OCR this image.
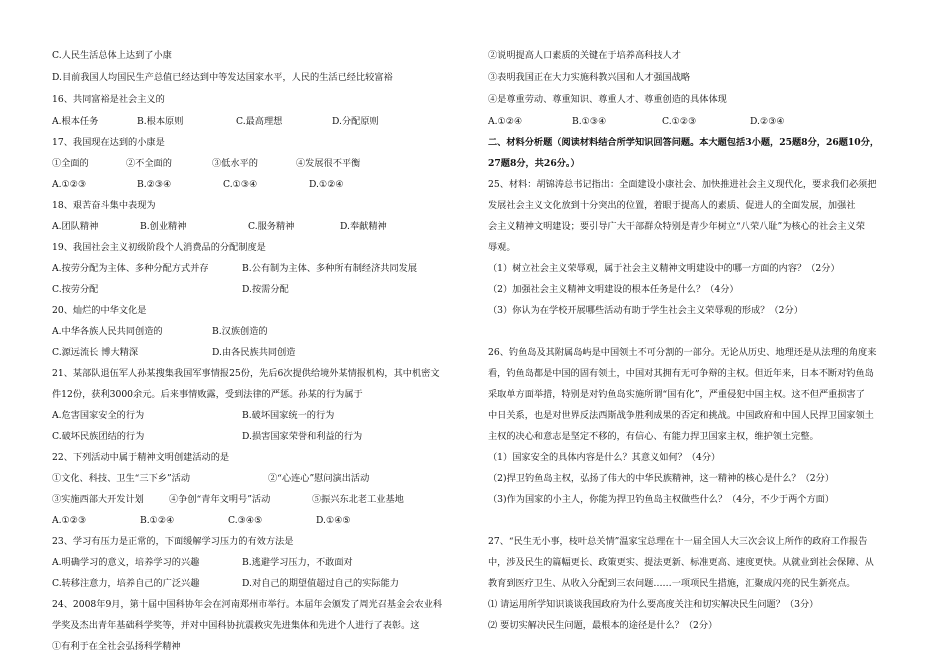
C.人民生活总体上达到了小康
D.目前我国人均国民生产总值已经达到中等发达国家水平，人民的生活已经比较富裕
16、共同富裕是社会主义的
A.根本任务	B.根本原则	C.最高理想	D.分配原则
17、我国现在达到的小康是
①全面的	②不全面的	③低水平的	④发展很不平衡
A.①②③	B.②③④	C.①③④	D.①②④
18、艰苦奋斗集中表现为
A.团队精神	B.创业精神	C.服务精神	D.奉献精神
19、我国社会主义初级阶段个人消费品的分配制度是
A.按劳分配为主体、多种分配方式并存	B.公有制为主体、多种所有制经济共同发展
C.按劳分配	D.按需分配
20、灿烂的中华文化是
A.中华各族人民共同创造的	B.汉族创造的
C.源远流长 博大精深	D.由各民族共同创造
21、某部队退伍军人孙某搜集我国军事情报25份，先后6次提供给境外某情报机构，其中机密文
件12份，获利3000余元。后来事情败露，受到法律的严惩。孙某的行为属于
A.危害国家安全的行为	B.破坏国家统一的行为
C.破坏民族团结的行为	D.损害国家荣誉和利益的行为
22、下列活动中属于精神文明创建活动的是
①文化、科技、卫生“三下乡”活动	②“心连心”慰问演出活动
③实施西部大开发计划	④争创“青年文明号”活动	⑤振兴东北老工业基地
A.①②③	B.①②④	C.③④⑤	D.①④⑤
23、学习有压力是正常的，下面缓解学习压力的有效方法是
A.明确学习的意义，培养学习的兴趣	B.逃避学习压力，不敢面对
C.转移注意力，培养自己的广泛兴趣	D.对自己的期望值超过自己的实际能力
24、2008年9月，第十届中国科协年会在河南郑州市举行。本届年会颁发了周光召基金会农业科
学奖及杰出青年基础科学奖等，并对中国科协抗震救灾先进集体和先进个人进行了表彰。这
①有利于在全社会弘扬科学精神
②说明提高人口素质的关键在于培养高科技人才
③表明我国正在大力实施科教兴国和人才强国战略
④是尊重劳动、尊重知识、尊重人才、尊重创造的具体体现
A.①②④	B.①③④	C.①②③	D.②③④
二、材料分析题（阅读材料结合所学知识回答问题。本大题包括3小题，25题8分，26题10分，
27题8分，共26分。）
25、材料：胡锦涛总书记指出：全面建设小康社会、加快推进社会主义现代化，要求我们必须把
发展社会主义文化放到十分突出的位置，着眼于提高人的素质、促进人的全面发展，加强社
会主义精神文明建设；要引导广大干部群众特别是青少年树立“八荣八耻”为核心的社会主义荣
辱观。
（1）树立社会主义荣辱观，属于社会主义精神文明建设中的哪一方面的内容？（2分）
（2）加强社会主义精神文明建设的根本任务是什么？（4分）
（3）你认为在学校开展哪些活动有助于学生社会主义荣辱观的形成？（2分）
26、钓鱼岛及其附属岛屿是中国领土不可分割的一部分。无论从历史、地理还是从法理的角度来
看，钓鱼岛都是中国的固有领土，中国对其拥有无可争辩的主权。但近年来，日本不断对钓鱼岛
采取单方面举措，特别是对钓鱼岛实施所谓“国有化”，严重侵犯中国主权。这不但严重损害了
中日关系，也是对世界反法西斯战争胜利成果的否定和挑战。中国政府和中国人民捍卫国家领土
主权的决心和意志是坚定不移的，有信心、有能力捍卫国家主权，维护领土完整。
（1）国家安全的具体内容是什么？其意义如何？（4分）
（2)捍卫钓鱼岛主权，弘扬了伟大的中华民族精神，这一精神的核心是什么？（2分）
（3)作为国家的小主人，你能为捍卫钓鱼岛主权做些什么？（4分，不少于两个方面）
27、“民生无小事，枝叶总关情”温家宝总理在十一届全国人大三次会议上所作的政府工作报告
中，涉及民生的篇幅更长、政策更实、提法更新、标准更高、速度更快。从就业到社会保障、从
教育到医疗卫生、从收入分配到三农问题……一项项民生措施，汇聚成闪亮的民生新亮点。
⑴ 请运用所学知识谈谈我国政府为什么要高度关注和切实解决民生问题？（3分）
⑵ 要切实解决民生问题，最根本的途径是什么？（2分）
